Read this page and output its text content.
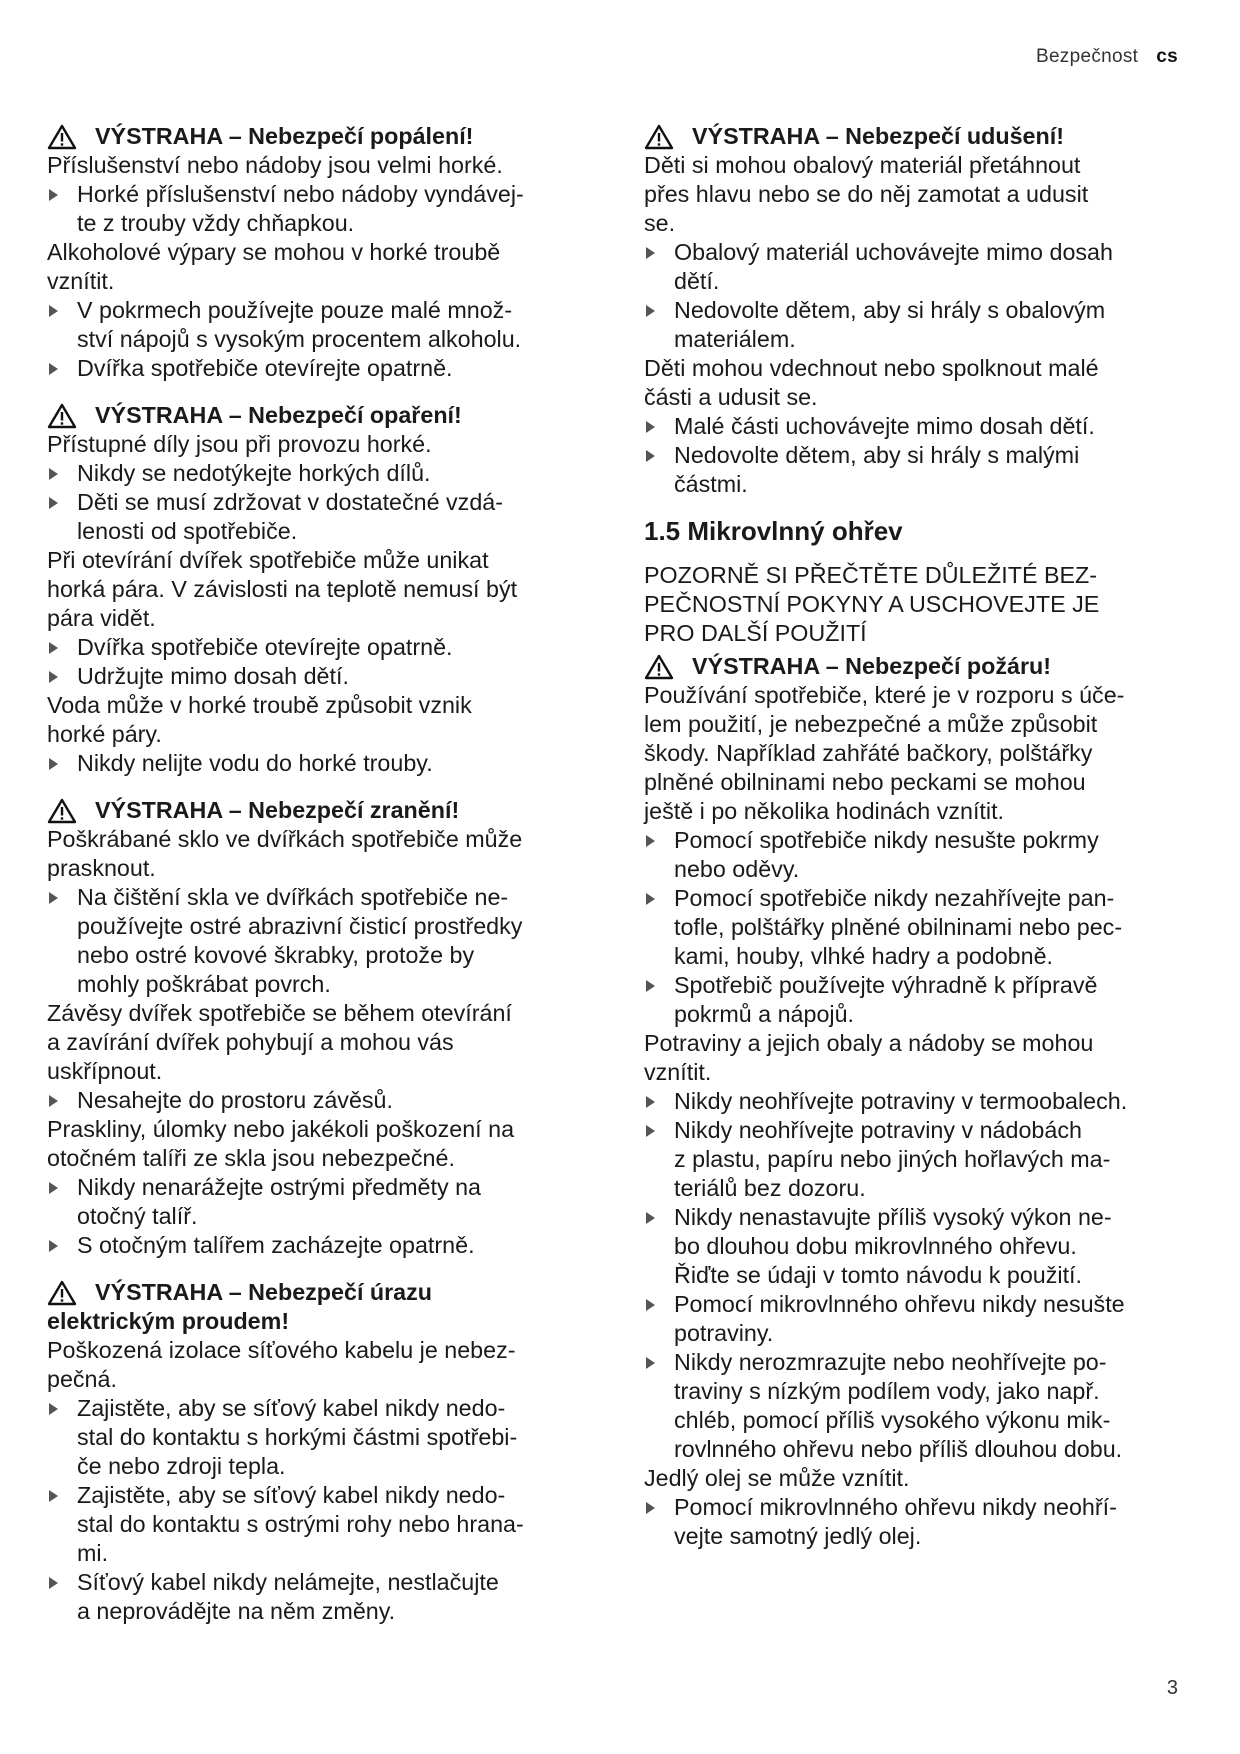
Bezpečnost cs
VÝSTRAHA – Nebezpečí popálení!
Příslušenství nebo nádoby jsou velmi horké.
Horké příslušenství nebo nádoby vyndávej-
te z trouby vždy chňapkou.
Alkoholové výpary se mohou v horké troubě
vznítit.
V pokrmech používejte pouze malé množ-
ství nápojů s vysokým procentem alkoholu.
Dvířka spotřebiče otevírejte opatrně.
VÝSTRAHA – Nebezpečí opaření!
Přístupné díly jsou při provozu horké.
Nikdy se nedotýkejte horkých dílů.
Děti se musí zdržovat v dostatečné vzdá-
lenosti od spotřebiče.
Při otevírání dvířek spotřebiče může unikat
horká pára. V závislosti na teplotě nemusí být
pára vidět.
Dvířka spotřebiče otevírejte opatrně.
Udržujte mimo dosah dětí.
Voda může v horké troubě způsobit vznik
horké páry.
Nikdy nelijte vodu do horké trouby.
VÝSTRAHA – Nebezpečí zranění!
Poškrábané sklo ve dvířkách spotřebiče může
prasknout.
Na čištění skla ve dvířkách spotřebiče ne-
používejte ostré abrazivní čisticí prostředky
nebo ostré kovové škrabky, protože by
mohly poškrábat povrch.
Závěsy dvířek spotřebiče se během otevírání
a zavírání dvířek pohybují a mohou vás
uskřípnout.
Nesahejte do prostoru závěsů.
Praskliny, úlomky nebo jakékoli poškození na
otočném talíři ze skla jsou nebezpečné.
Nikdy nenarážejte ostrými předměty na
otočný talíř.
S otočným talířem zacházejte opatrně.
VÝSTRAHA – Nebezpečí úrazu
elektrickým proudem!
Poškozená izolace síťového kabelu je nebez-
pečná.
Zajistěte, aby se síťový kabel nikdy nedo-
stal do kontaktu s horkými částmi spotřebi-
če nebo zdroji tepla.
Zajistěte, aby se síťový kabel nikdy nedo-
stal do kontaktu s ostrými rohy nebo hrana-
mi.
Síťový kabel nikdy nelámejte, nestlačujte
a neprovádějte na něm změny.
VÝSTRAHA – Nebezpečí udušení!
Děti si mohou obalový materiál přetáhnout
přes hlavu nebo se do něj zamotat a udusit
se.
Obalový materiál uchovávejte mimo dosah
dětí.
Nedovolte dětem, aby si hrály s obalovým
materiálem.
Děti mohou vdechnout nebo spolknout malé
části a udusit se.
Malé části uchovávejte mimo dosah dětí.
Nedovolte dětem, aby si hrály s malými
částmi.
1.5 Mikrovlnný ohřev
POZORNĚ SI PŘEČTĚTE DŮLEŽITÉ BEZ-
PEČNOSTNÍ POKYNY A USCHOVEJTE JE
PRO DALŠÍ POUŽITÍ
VÝSTRAHA – Nebezpečí požáru!
Používání spotřebiče, které je v rozporu s úče-
lem použití, je nebezpečné a může způsobit
škody. Například zahřáté bačkory, polštářky
plněné obilninami nebo peckami se mohou
ještě i po několika hodinách vznítit.
Pomocí spotřebiče nikdy nesušte pokrmy
nebo oděvy.
Pomocí spotřebiče nikdy nezahřívejte pan-
tofle, polštářky plněné obilninami nebo pec-
kami, houby, vlhké hadry a podobně.
Spotřebič používejte výhradně k přípravě
pokrmů a nápojů.
Potraviny a jejich obaly a nádoby se mohou
vznítit.
Nikdy neohřívejte potraviny v termoobalech.
Nikdy neohřívejte potraviny v nádobách
z plastu, papíru nebo jiných hořlavých ma-
teriálů bez dozoru.
Nikdy nenastavujte příliš vysoký výkon ne-
bo dlouhou dobu mikrovlnného ohřevu.
Řiďte se údaji v tomto návodu k použití.
Pomocí mikrovlnného ohřevu nikdy nesušte
potraviny.
Nikdy nerozmrazujte nebo neohřívejte po-
traviny s nízkým podílem vody, jako např.
chléb, pomocí příliš vysokého výkonu mik-
rovlnného ohřevu nebo příliš dlouhou dobu.
Jedlý olej se může vznítit.
Pomocí mikrovlnného ohřevu nikdy neohří-
vejte samotný jedlý olej.
3
